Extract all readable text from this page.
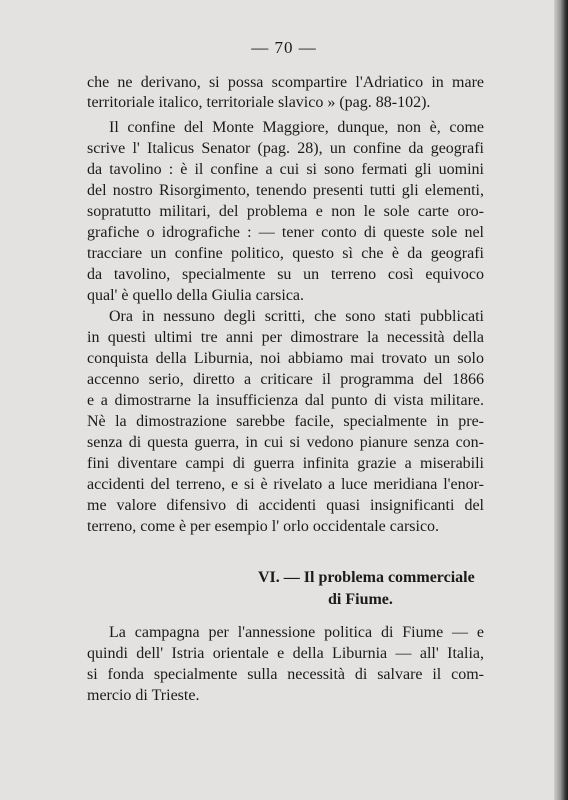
— 70 —
che ne derivano, si possa scompartire l'Adriatico in mare
territoriale italico, territoriale slavico » (pag. 88-102).
Il confine del Monte Maggiore, dunque, non è, come
scrive l' Italicus Senator (pag. 28), un confine da geografi
da tavolino : è il confine a cui si sono fermati gli uomini
del nostro Risorgimento, tenendo presenti tutti gli elementi,
sopratutto militari, del problema e non le sole carte oro-
grafiche o idrografiche : — tener conto di queste sole nel
tracciare un confine politico, questo sì che è da geografi
da tavolino, specialmente su un terreno così equivoco
qual' è quello della Giulia carsica.
Ora in nessuno degli scritti, che sono stati pubblicati
in questi ultimi tre anni per dimostrare la necessità della
conquista della Liburnia, noi abbiamo mai trovato un solo
accenno serio, diretto a criticare il programma del 1866
e a dimostrarne la insufficienza dal punto di vista militare.
Nè la dimostrazione sarebbe facile, specialmente in pre-
senza di questa guerra, in cui si vedono pianure senza con-
fini diventare campi di guerra infinita grazie a miserabili
accidenti del terreno, e si è rivelato a luce meridiana l'enor-
me valore difensivo di accidenti quasi insignificanti del
terreno, come è per esempio l' orlo occidentale carsico.
VI. — Il problema commerciale
di Fiume.
La campagna per l'annessione politica di Fiume — e
quindi dell' Istria orientale e della Liburnia — all' Italia,
si fonda specialmente sulla necessità di salvare il com-
mercio di Trieste.
